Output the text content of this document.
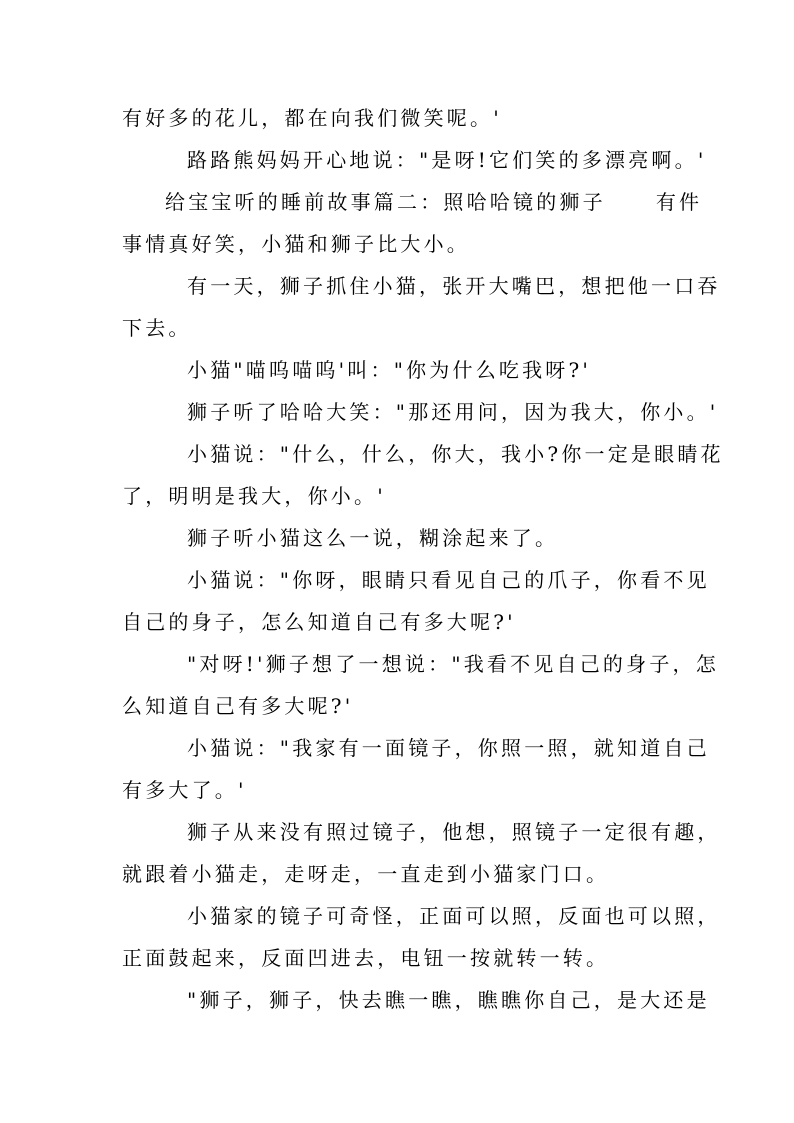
有好多的花儿，都在向我们微笑呢。'
路路熊妈妈开心地说："是呀!它们笑的多漂亮啊。'
给宝宝听的睡前故事篇二：照哈哈镜的狮子	有件
事情真好笑，小猫和狮子比大小。
有一天，狮子抓住小猫，张开大嘴巴，想把他一口吞
下去。
小猫"喵呜喵呜'叫："你为什么吃我呀?'
狮子听了哈哈大笑："那还用问，因为我大，你小。'
小猫说："什么，什么，你大，我小?你一定是眼睛花
了，明明是我大，你小。'
狮子听小猫这么一说，糊涂起来了。
小猫说："你呀，眼睛只看见自己的爪子，你看不见
自己的身子，怎么知道自己有多大呢?'
"对呀!'狮子想了一想说："我看不见自己的身子，怎
么知道自己有多大呢?'
小猫说："我家有一面镜子，你照一照，就知道自己
有多大了。'
狮子从来没有照过镜子，他想，照镜子一定很有趣，
就跟着小猫走，走呀走，一直走到小猫家门口。
小猫家的镜子可奇怪，正面可以照，反面也可以照，
正面鼓起来，反面凹进去，电钮一按就转一转。
"狮子，狮子，快去瞧一瞧，瞧瞧你自己，是大还是
